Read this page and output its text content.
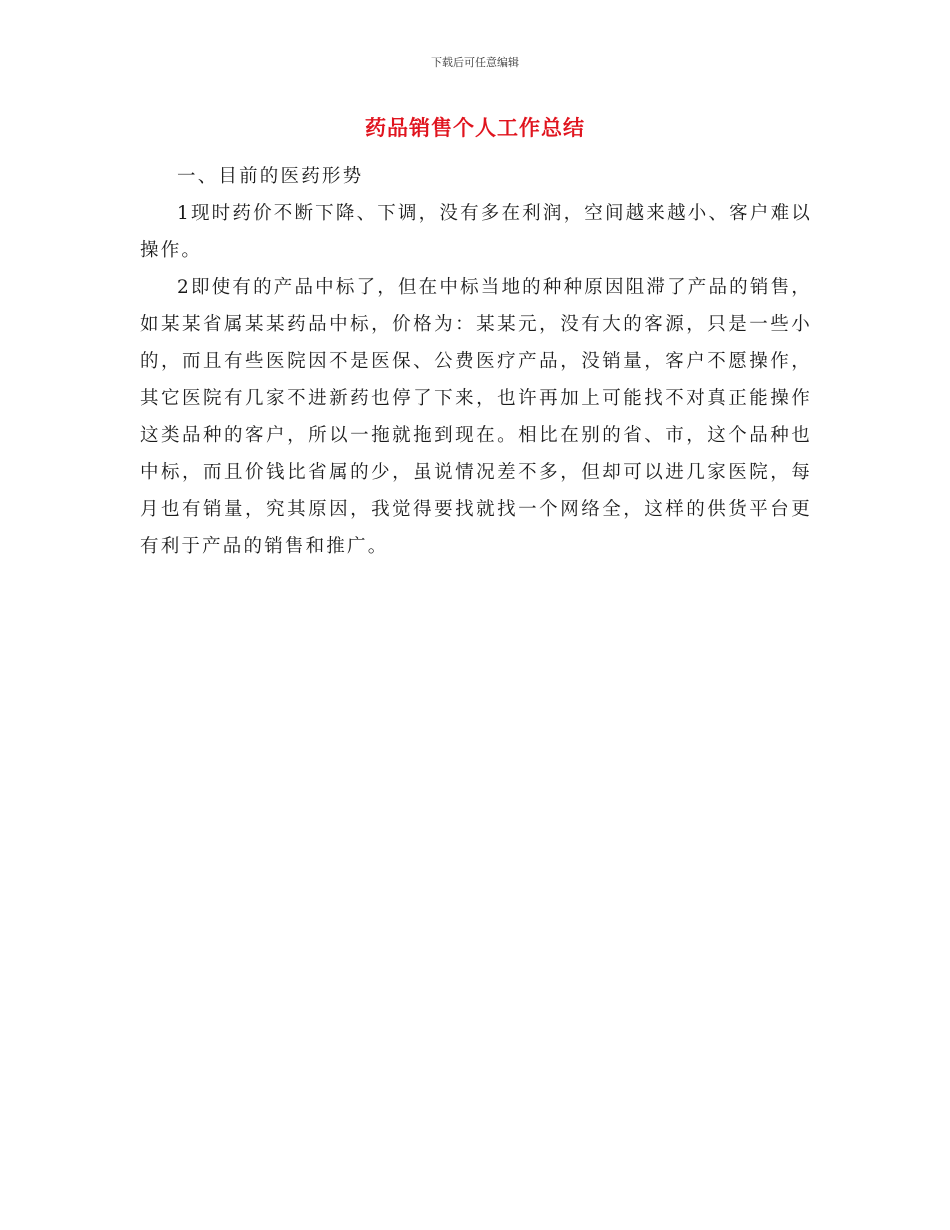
下载后可任意编辑
药品销售个人工作总结

一、目前的医药形势

1现时药价不断下降、下调，没有多在利润，空间越来越小、客户难以操作。

2即使有的产品中标了，但在中标当地的种种原因阻滞了产品的销售，如某某省属某某药品中标，价格为：某某元，没有大的客源，只是一些小的，而且有些医院因不是医保、公费医疗产品，没销量，客户不愿操作，其它医院有几家不进新药也停了下来，也许再加上可能找不对真正能操作这类品种的客户，所以一拖就拖到现在。相比在别的省、市，这个品种也中标，而且价钱比省属的少，虽说情况差不多，但却可以进几家医院，每月也有销量，究其原因，我觉得要找就找一个网络全，这样的供货平台更有利于产品的销售和推广。
